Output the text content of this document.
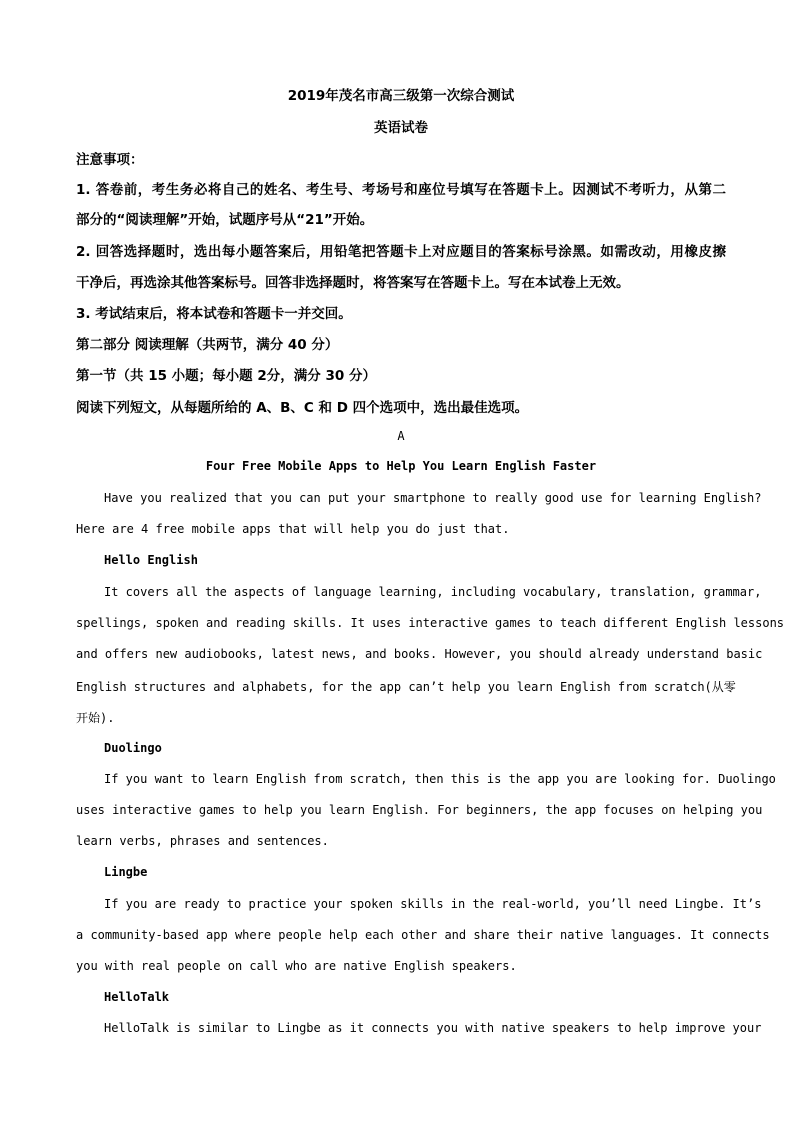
2019年茂名市高三级第一次综合测试
英语试卷
注意事项：
1. 答卷前，考生务必将自己的姓名、考生号、考场号和座位号填写在答题卡上。因测试不考听力，从第二
部分的“阅读理解”开始，试题序号从“21”开始。
2. 回答选择题时，选出每小题答案后，用铅笔把答题卡上对应题目的答案标号涂黑。如需改动，用橡皮擦
干净后，再选涂其他答案标号。回答非选择题时，将答案写在答题卡上。写在本试卷上无效。
3. 考试结束后，将本试卷和答题卡一并交回。
第二部分 阅读理解（共两节，满分 40 分）
第一节（共 15 小题；每小题 2分，满分 30 分）
阅读下列短文，从每题所给的 A、B、C 和 D 四个选项中，选出最佳选项。
A
Four Free Mobile Apps to Help You Learn English Faster
Have you realized that you can put your smartphone to really good use for learning English?
Here are 4 free mobile apps that will help you do just that.
Hello English
It covers all the aspects of language learning, including vocabulary, translation, grammar,
spellings, spoken and reading skills. It uses interactive games to teach different English lessons
and offers new audiobooks, latest news, and books. However, you should already understand basic
English structures and alphabets, for the app can’t help you learn English from scratch(从零
开始).
Duolingo
If you want to learn English from scratch, then this is the app you are looking for. Duolingo
uses interactive games to help you learn English. For beginners, the app focuses on helping you
learn verbs, phrases and sentences.
Lingbe
If you are ready to practice your spoken skills in the real-world, you’ll need Lingbe. It’s
a community-based app where people help each other and share their native languages. It connects
you with real people on call who are native English speakers.
HelloTalk
HelloTalk is similar to Lingbe as it connects you with native speakers to help improve your
